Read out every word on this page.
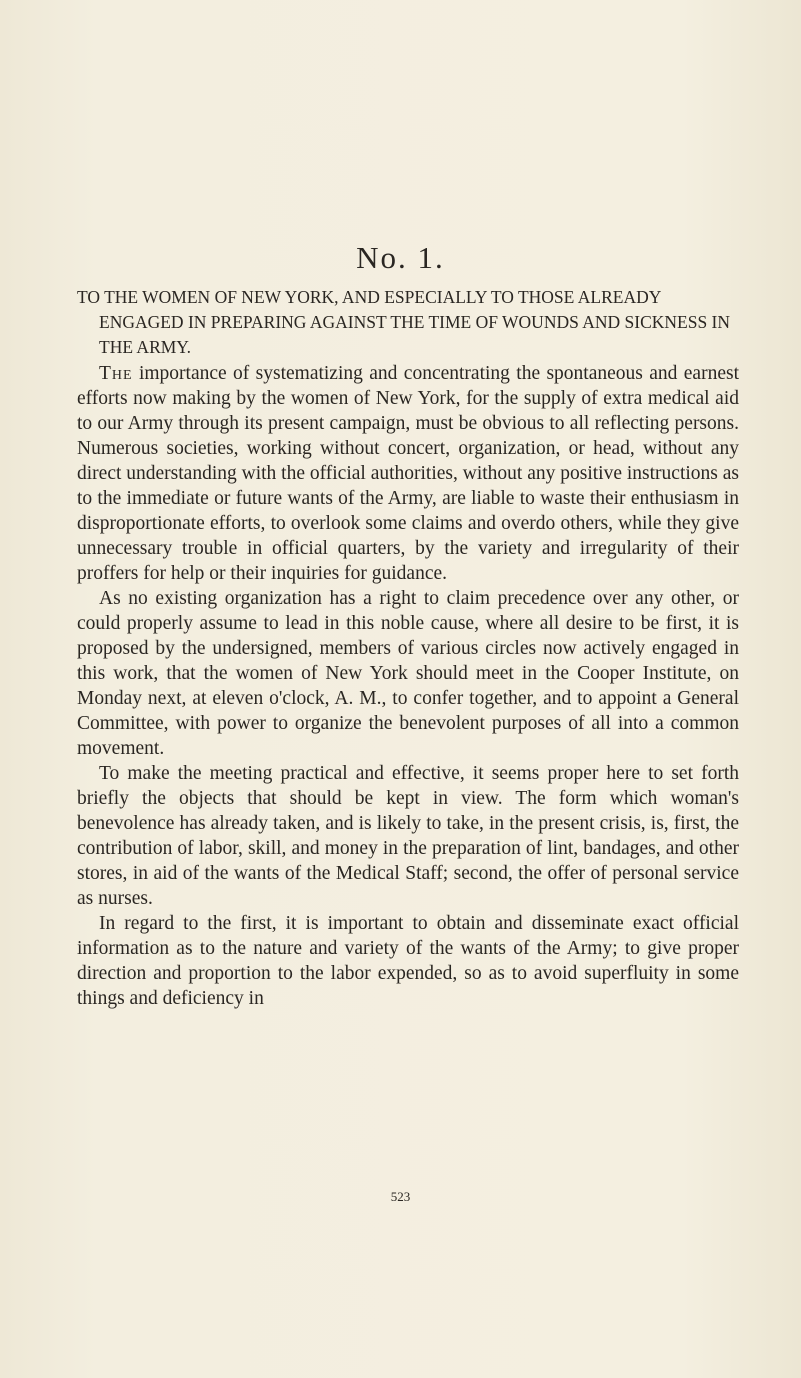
No. 1.

TO THE WOMEN OF NEW YORK, AND ESPECIALLY TO THOSE ALREADY ENGAGED IN PREPARING AGAINST THE TIME OF WOUNDS AND SICKNESS IN THE ARMY.

The importance of systematizing and concentrating the spontaneous and earnest efforts now making by the women of New York, for the supply of extra medical aid to our Army through its present campaign, must be obvious to all reflecting persons. Numerous societies, working without concert, organization, or head, without any direct understanding with the official authorities, without any positive instructions as to the immediate or future wants of the Army, are liable to waste their enthusiasm in disproportionate efforts, to overlook some claims and overdo others, while they give unnecessary trouble in official quarters, by the variety and irregularity of their proffers for help or their inquiries for guidance.

As no existing organization has a right to claim precedence over any other, or could properly assume to lead in this noble cause, where all desire to be first, it is proposed by the undersigned, members of various circles now actively engaged in this work, that the women of New York should meet in the Cooper Institute, on Monday next, at eleven o'clock, A. M., to confer together, and to appoint a General Committee, with power to organize the benevolent purposes of all into a common movement.

To make the meeting practical and effective, it seems proper here to set forth briefly the objects that should be kept in view. The form which woman's benevolence has already taken, and is likely to take, in the present crisis, is, first, the contribution of labor, skill, and money in the preparation of lint, bandages, and other stores, in aid of the wants of the Medical Staff; second, the offer of personal service as nurses.

In regard to the first, it is important to obtain and disseminate exact official information as to the nature and variety of the wants of the Army; to give proper direction and proportion to the labor expended, so as to avoid superfluity in some things and deficiency in

523
